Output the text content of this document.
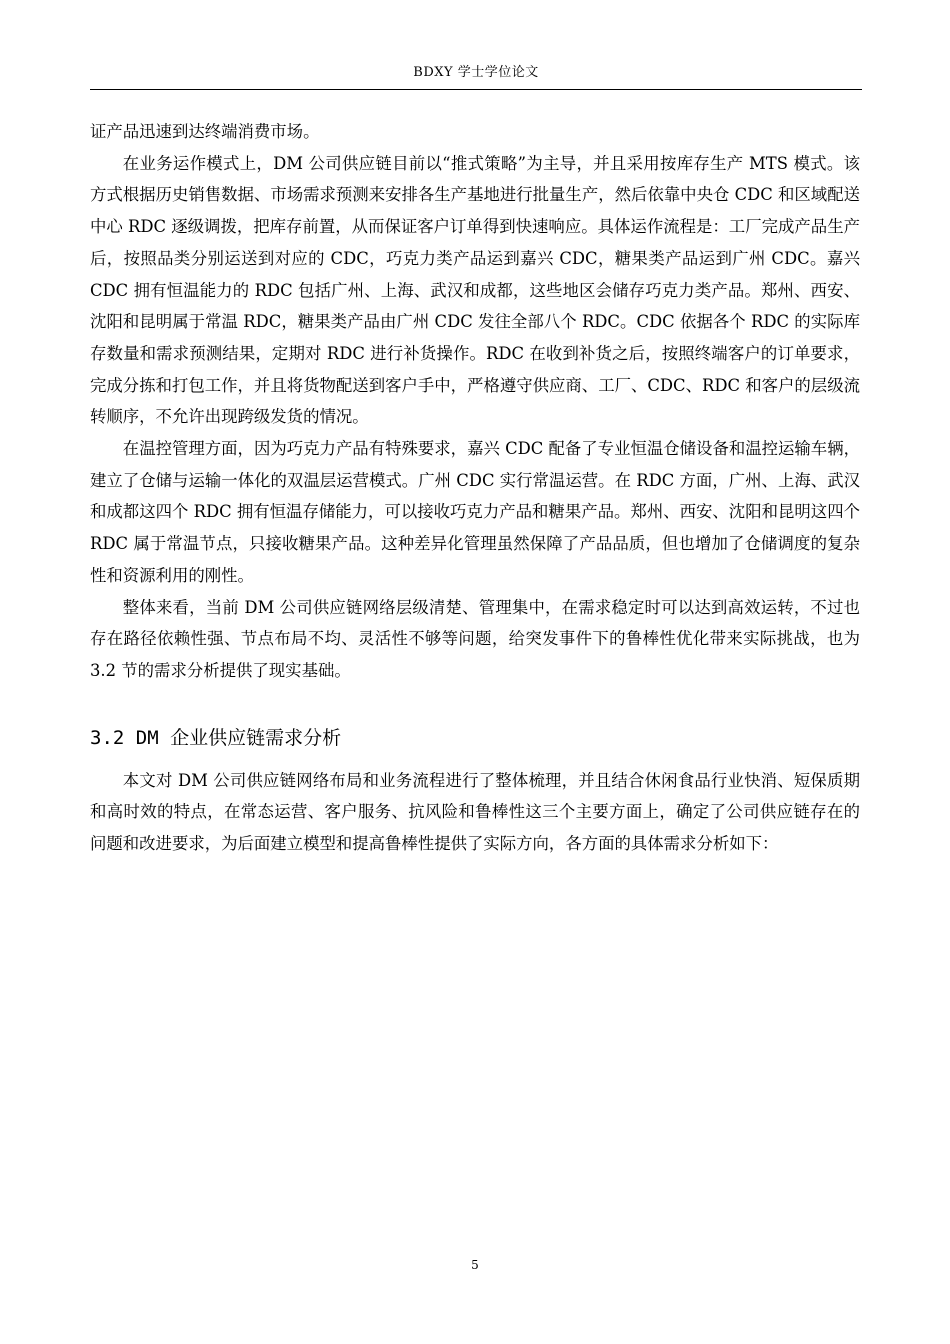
BDXY 学士学位论文

证产品迅速到达终端消费市场。

在业务运作模式上，DM 公司供应链目前以“推式策略”为主导，并且采用按库存生产 MTS 模式。该方式根据历史销售数据、市场需求预测来安排各生产基地进行批量生产，然后依靠中央仓 CDC 和区域配送中心 RDC 逐级调拨，把库存前置，从而保证客户订单得到快速响应。具体运作流程是：工厂完成产品生产后，按照品类分别运送到对应的 CDC，巧克力类产品运到嘉兴 CDC，糖果类产品运到广州 CDC。嘉兴 CDC 拥有恒温能力的 RDC 包括广州、上海、武汉和成都，这些地区会储存巧克力类产品。郑州、西安、沈阳和昆明属于常温 RDC，糖果类产品由广州 CDC 发往全部八个 RDC。CDC 依据各个 RDC 的实际库存数量和需求预测结果，定期对 RDC 进行补货操作。RDC 在收到补货之后，按照终端客户的订单要求，完成分拣和打包工作，并且将货物配送到客户手中，严格遵守供应商、工厂、CDC、RDC 和客户的层级流转顺序，不允许出现跨级发货的情况。

在温控管理方面，因为巧克力产品有特殊要求，嘉兴 CDC 配备了专业恒温仓储设备和温控运输车辆，建立了仓储与运输一体化的双温层运营模式。广州 CDC 实行常温运营。在 RDC 方面，广州、上海、武汉和成都这四个 RDC 拥有恒温存储能力，可以接收巧克力产品和糖果产品。郑州、西安、沈阳和昆明这四个 RDC 属于常温节点，只接收糖果产品。这种差异化管理虽然保障了产品品质，但也增加了仓储调度的复杂性和资源利用的刚性。

整体来看，当前 DM 公司供应链网络层级清楚、管理集中，在需求稳定时可以达到高效运转，不过也存在路径依赖性强、节点布局不均、灵活性不够等问题，给突发事件下的鲁棒性优化带来实际挑战，也为 3.2 节的需求分析提供了现实基础。

3.2 DM 企业供应链需求分析

本文对 DM 公司供应链网络布局和业务流程进行了整体梳理，并且结合休闲食品行业快消、短保质期和高时效的特点，在常态运营、客户服务、抗风险和鲁棒性这三个主要方面上，确定了公司供应链存在的问题和改进要求，为后面建立模型和提高鲁棒性提供了实际方向，各方面的具体需求分析如下：

5
